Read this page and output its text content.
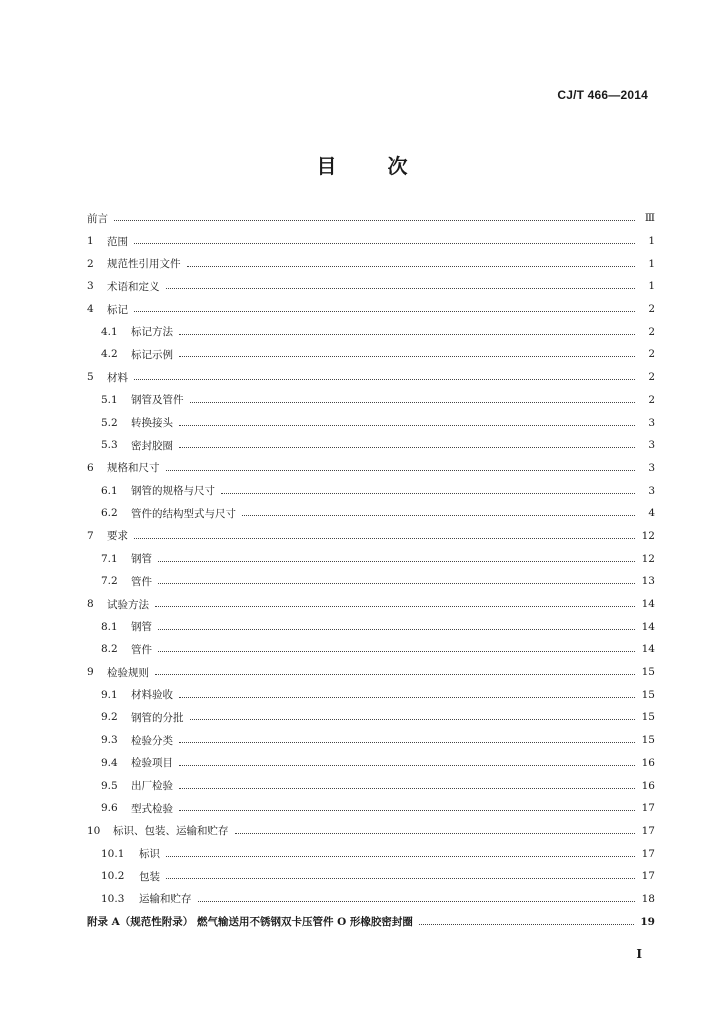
CJ/T 466—2014
目	次
前言	Ⅲ
1	范围	1
2	规范性引用文件	1
3	术语和定义	1
4	标记	2
4.1	标记方法	2
4.2	标记示例	2
5	材料	2
5.1	钢管及管件	2
5.2	转换接头	3
5.3	密封胶圈	3
6	规格和尺寸	3
6.1	钢管的规格与尺寸	3
6.2	管件的结构型式与尺寸	4
7	要求	12
7.1	钢管	12
7.2	管件	13
8	试验方法	14
8.1	钢管	14
8.2	管件	14
9	检验规则	15
9.1	材料验收	15
9.2	钢管的分批	15
9.3	检验分类	15
9.4	检验项目	16
9.5	出厂检验	16
9.6	型式检验	17
10	标识、包装、运输和贮存	17
10.1	标识	17
10.2	包装	17
10.3	运输和贮存	18
附录 A（规范性附录） 燃气输送用不锈钢双卡压管件 O 形橡胶密封圈	19
I
